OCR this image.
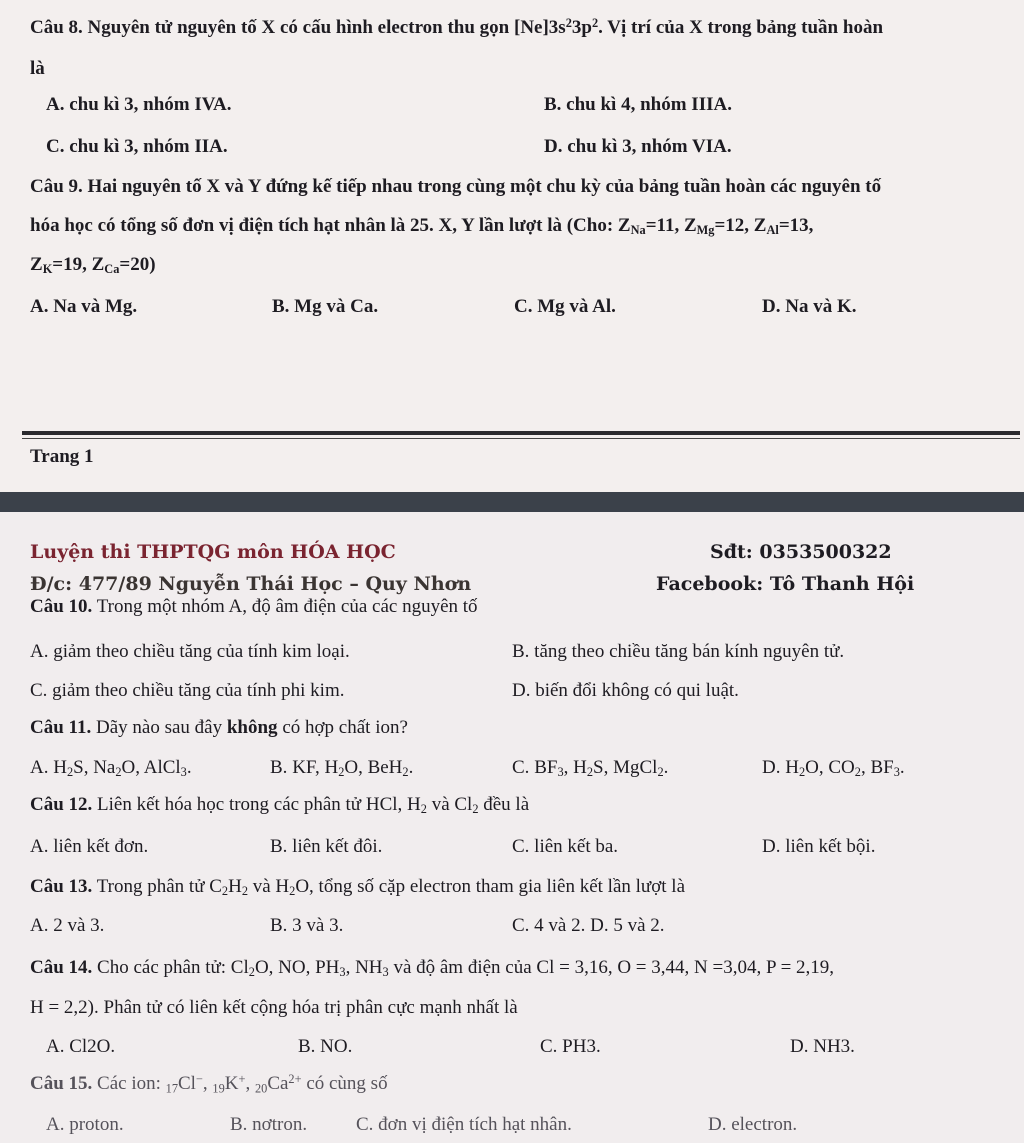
Câu 8. Nguyên tử nguyên tố X có cấu hình electron thu gọn $[Ne]3s^23p^2$. Vị trí của X trong bảng tuần hoàn
là
A. chu kì 3, nhóm IVA.	B. chu kì 4, nhóm IIIA.
C. chu kì 3, nhóm IIA.	D. chu kì 3, nhóm VIA.
Câu 9. Hai nguyên tố X và Y đứng kế tiếp nhau trong cùng một chu kỳ của bảng tuần hoàn các nguyên tố
hóa học có tổng số đơn vị điện tích hạt nhân là 25. X, Y lần lượt là (Cho: $Z_{Na}=11$, $Z_{Mg}=12$, $Z_{Al}=13$,
$Z_K=19$, $Z_{Ca}=20$)
A. Na và Mg.	B. Mg và Ca.	C. Mg và Al.	D. Na và K.
Trang 1
Luyện thi THPTQG môn HÓA HỌC	Sđt: 0353500322
Đ/c: 477/89 Nguyễn Thái Học – Quy Nhơn	Facebook: Tô Thanh Hội
Câu 10. Trong một nhóm A, độ âm điện của các nguyên tố
A. giảm theo chiều tăng của tính kim loại.	B. tăng theo chiều tăng bán kính nguyên tử.
C. giảm theo chiều tăng của tính phi kim.	D. biến đổi không có qui luật.
Câu 11. Dãy nào sau đây không có hợp chất ion?
A. $H_2S$, $Na_2O$, AlCl$_3$.	B. KF, $H_2O$, BeH$_2$.	C. $BF_3$, $H_2S$, MgCl$_2$.	D. $H_2O$, $CO_2$, $BF_3$.
Câu 12. Liên kết hóa học trong các phân tử HCl, $H_2$ và $Cl_2$ đều là
A. liên kết đơn.	B. liên kết đôi.	C. liên kết ba.	D. liên kết bội.
Câu 13. Trong phân tử $C_2H_2$ và $H_2O$, tổng số cặp electron tham gia liên kết lần lượt là
A. 2 và 3.	B. 3 và 3.	C. 4 và 2. D. 5 và 2.
Câu 14. Cho các phân tử: $Cl_2O$, NO, $PH_3$, $NH_3$ và độ âm điện của Cl = 3,16, O = 3,44, N =3,04, P = 2,19,
H = 2,2). Phân tử có liên kết cộng hóa trị phân cực mạnh nhất là
A. Cl2O.	B. NO.	C. PH3.	D. NH3.
Câu 15. Các ion: $_{17}$Cl−, $_{19}$K+, $_{20}Ca^{2+}$ có cùng số
A. proton.	B. nơtron.	C. đơn vị điện tích hạt nhân.	D. electron.
